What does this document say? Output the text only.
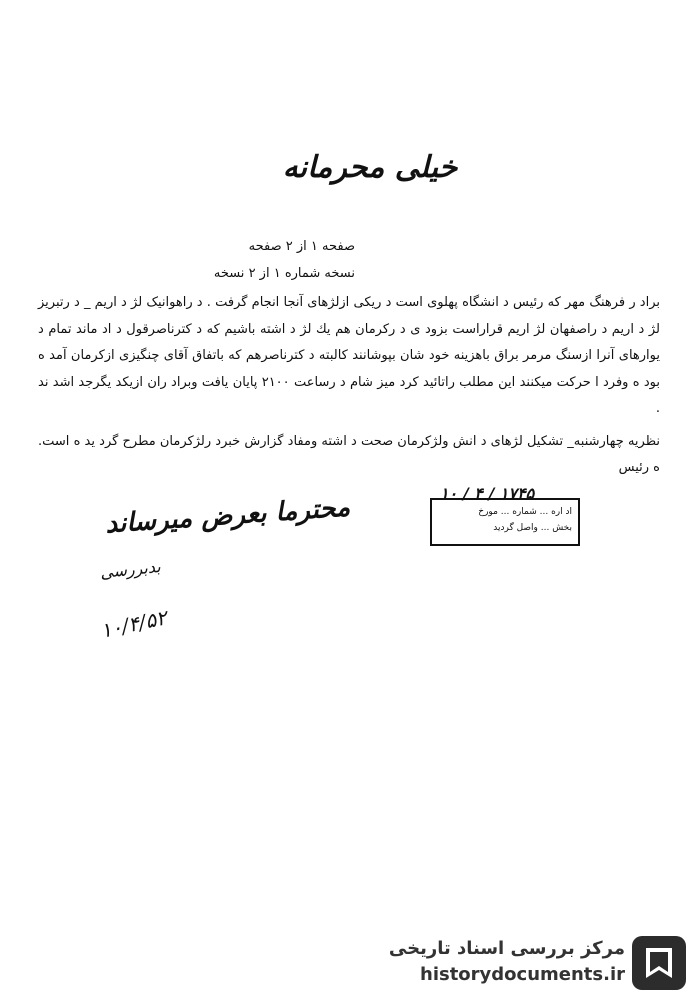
خیلی محرمانه
صفحه ۱ از ۲ صفحه
نسخه شماره ۱ از ۲ نسخه

براد ر فرهنگ مهر که رئیس د انشگاه پهلوی است د ریکی ازلژهای آنجا انجام گرفت . د راهوانیک لژ د اریم _ د رتبریز لژ د اریم د راصفهان لژ اریم قراراست بزود ی د رکرمان هم یك لژ د اشته باشیم که د کترناصرقول د اد ماند تمام د یوارهای آنرا ازسنگ مرمر براق باهزینه خود شان بپوشانند کالبته د کترناصرهم که باتفاق آقای چنگیزی ازکرمان آمد ه بود ه وفرد ا حرکت میکنند این مطلب راتائید کرد میز شام د رساعت ۲۱۰۰ پایان یافت وبراد ران ازیکد یگرجد اشد ند .

نظریه چهارشنبه_ تشکیل لژهای د انش ولژکرمان صحت د اشته ومفاد گزارش خبرد رلژکرمان مطرح گرد ید ه است. ه رئیس

محترما بعرض میرساند
بدبررسی
۱۰/۴/۵۲
۱۷۴۵ / ۴ / ۱۰
اد اره ... شماره ... مورخ
بخش ... واصل گردید
مرکز بررسی اسناد تاریخی
historydocuments.ir
